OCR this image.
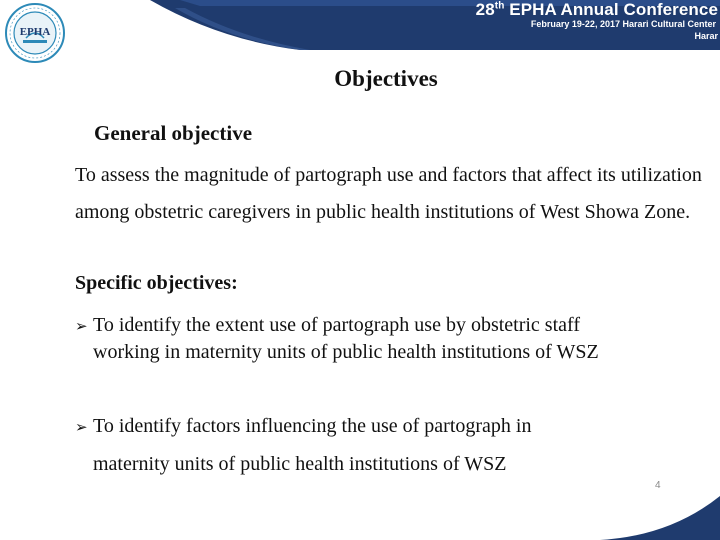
28th EPHA Annual Conference
February 19-22, 2017 Harari Cultural Center
Harar
EPHA
Objectives
General objective

To assess the magnitude of partograph use and factors that affect its utilization among obstetric caregivers in public health institutions of West Showa Zone.

Specific objectives:
➢ To identify the extent use of partograph use by obstetric staff
working in maternity units of public health institutions of WSZ
➢ To identify factors influencing the use of partograph in
maternity units of public health institutions of WSZ
4
